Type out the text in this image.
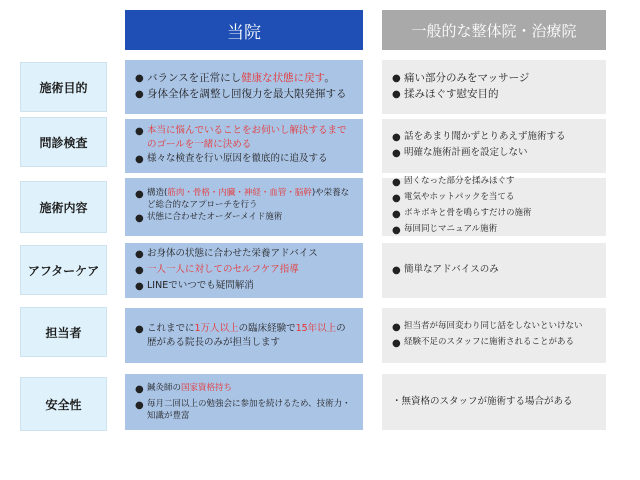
当院	一般的な整体院・治療院
施術目的
● バランスを正常にし健康な状態に戻す。
● 身体全体を調整し回復力を最大限発揮する
● 痛い部分のみをマッサージ
● 揉みほぐす慰安目的
問診検査
● 本当に悩んでいることをお伺いし解決するまでのゴールを一緒に決める
● 様々な検査を行い原因を徹底的に追及する
● 話をあまり聞かずとりあえず施術する
● 明確な施術計画を設定しない
施術内容
● 構造(筋肉・骨格・内臓・神経・血管・脳幹)や栄養など総合的なアプローチを行う
● 状態に合わせたオーダーメイド施術
● 固くなった部分を揉みほぐす
● 電気やホットパックを当てる
● ボキボキと骨を鳴らすだけの施術
● 毎回同じマニュアル施術
アフターケア
● お身体の状態に合わせた栄養アドバイス
● 一人一人に対してのセルフケア指導
● LINEでいつでも疑問解消
● 簡単なアドバイスのみ
担当者	● これまでに1万人以上の臨床経験で15年以上の歴がある院長のみが担当します
● 担当者が毎回変わり同じ話をしないといけない
● 経験不足のスタッフに施術されることがある
安全性
● 鍼灸師の国家資格持ち
● 毎月二回以上の勉強会に参加を続けるため、技術力・知識が豊富
・無資格のスタッフが施術する場合がある
